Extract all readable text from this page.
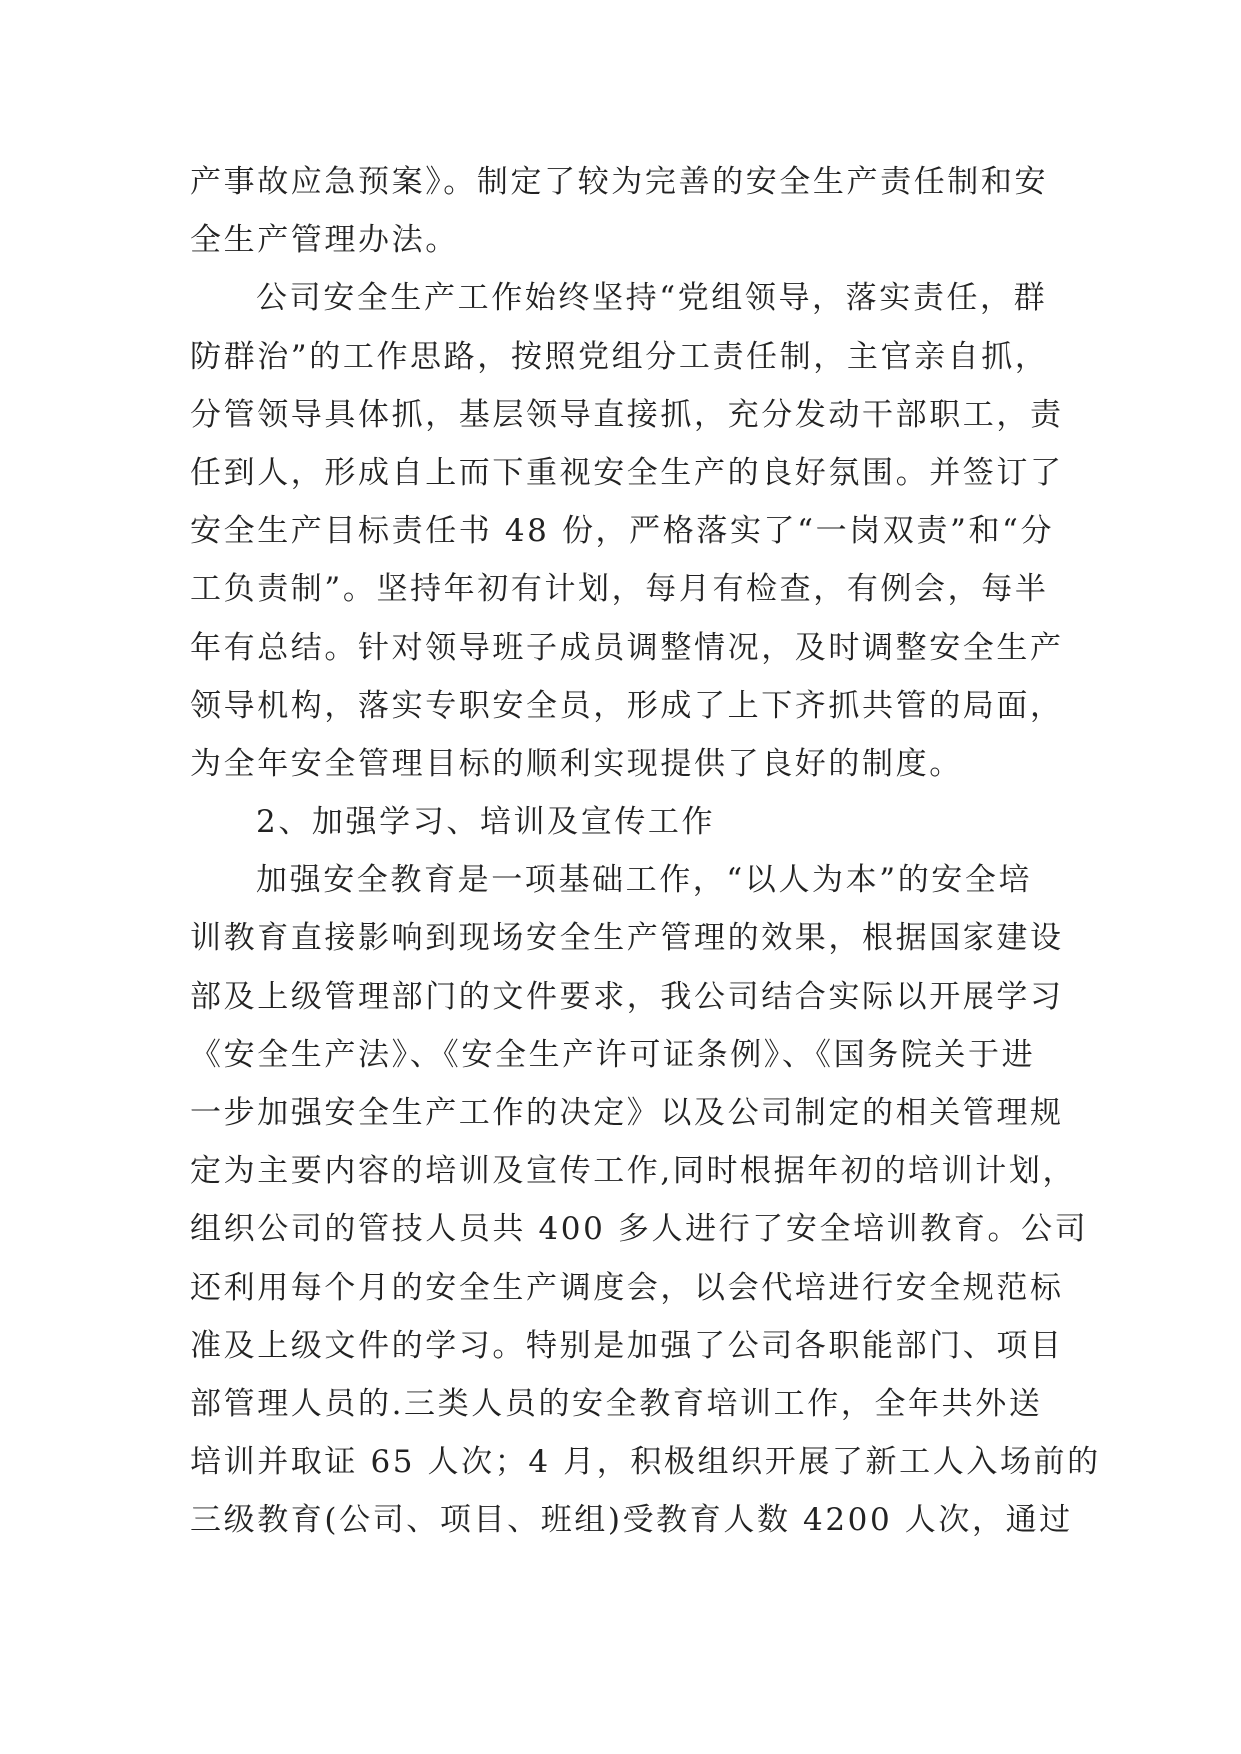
产事故应急预案》。制定了较为完善的安全生产责任制和安
全生产管理办法。
公司安全生产工作始终坚持“党组领导，落实责任，群
防群治”的工作思路，按照党组分工责任制，主官亲自抓，
分管领导具体抓，基层领导直接抓，充分发动干部职工，责
任到人，形成自上而下重视安全生产的良好氛围。并签订了
安全生产目标责任书 48 份，严格落实了“一岗双责”和“分
工负责制”。坚持年初有计划，每月有检查，有例会，每半
年有总结。针对领导班子成员调整情况，及时调整安全生产
领导机构，落实专职安全员，形成了上下齐抓共管的局面，
为全年安全管理目标的顺利实现提供了良好的制度。
2、加强学习、培训及宣传工作
加强安全教育是一项基础工作，“以人为本”的安全培
训教育直接影响到现场安全生产管理的效果，根据国家建设
部及上级管理部门的文件要求，我公司结合实际以开展学习
《安全生产法》、《安全生产许可证条例》、《国务院关于进
一步加强安全生产工作的决定》以及公司制定的相关管理规
定为主要内容的培训及宣传工作,同时根据年初的培训计划，
组织公司的管技人员共 400 多人进行了安全培训教育。公司
还利用每个月的安全生产调度会，以会代培进行安全规范标
准及上级文件的学习。特别是加强了公司各职能部门、项目
部管理人员的.三类人员的安全教育培训工作，全年共外送
培训并取证 65 人次；4 月，积极组织开展了新工人入场前的
三级教育(公司、项目、班组)受教育人数 4200 人次，通过
